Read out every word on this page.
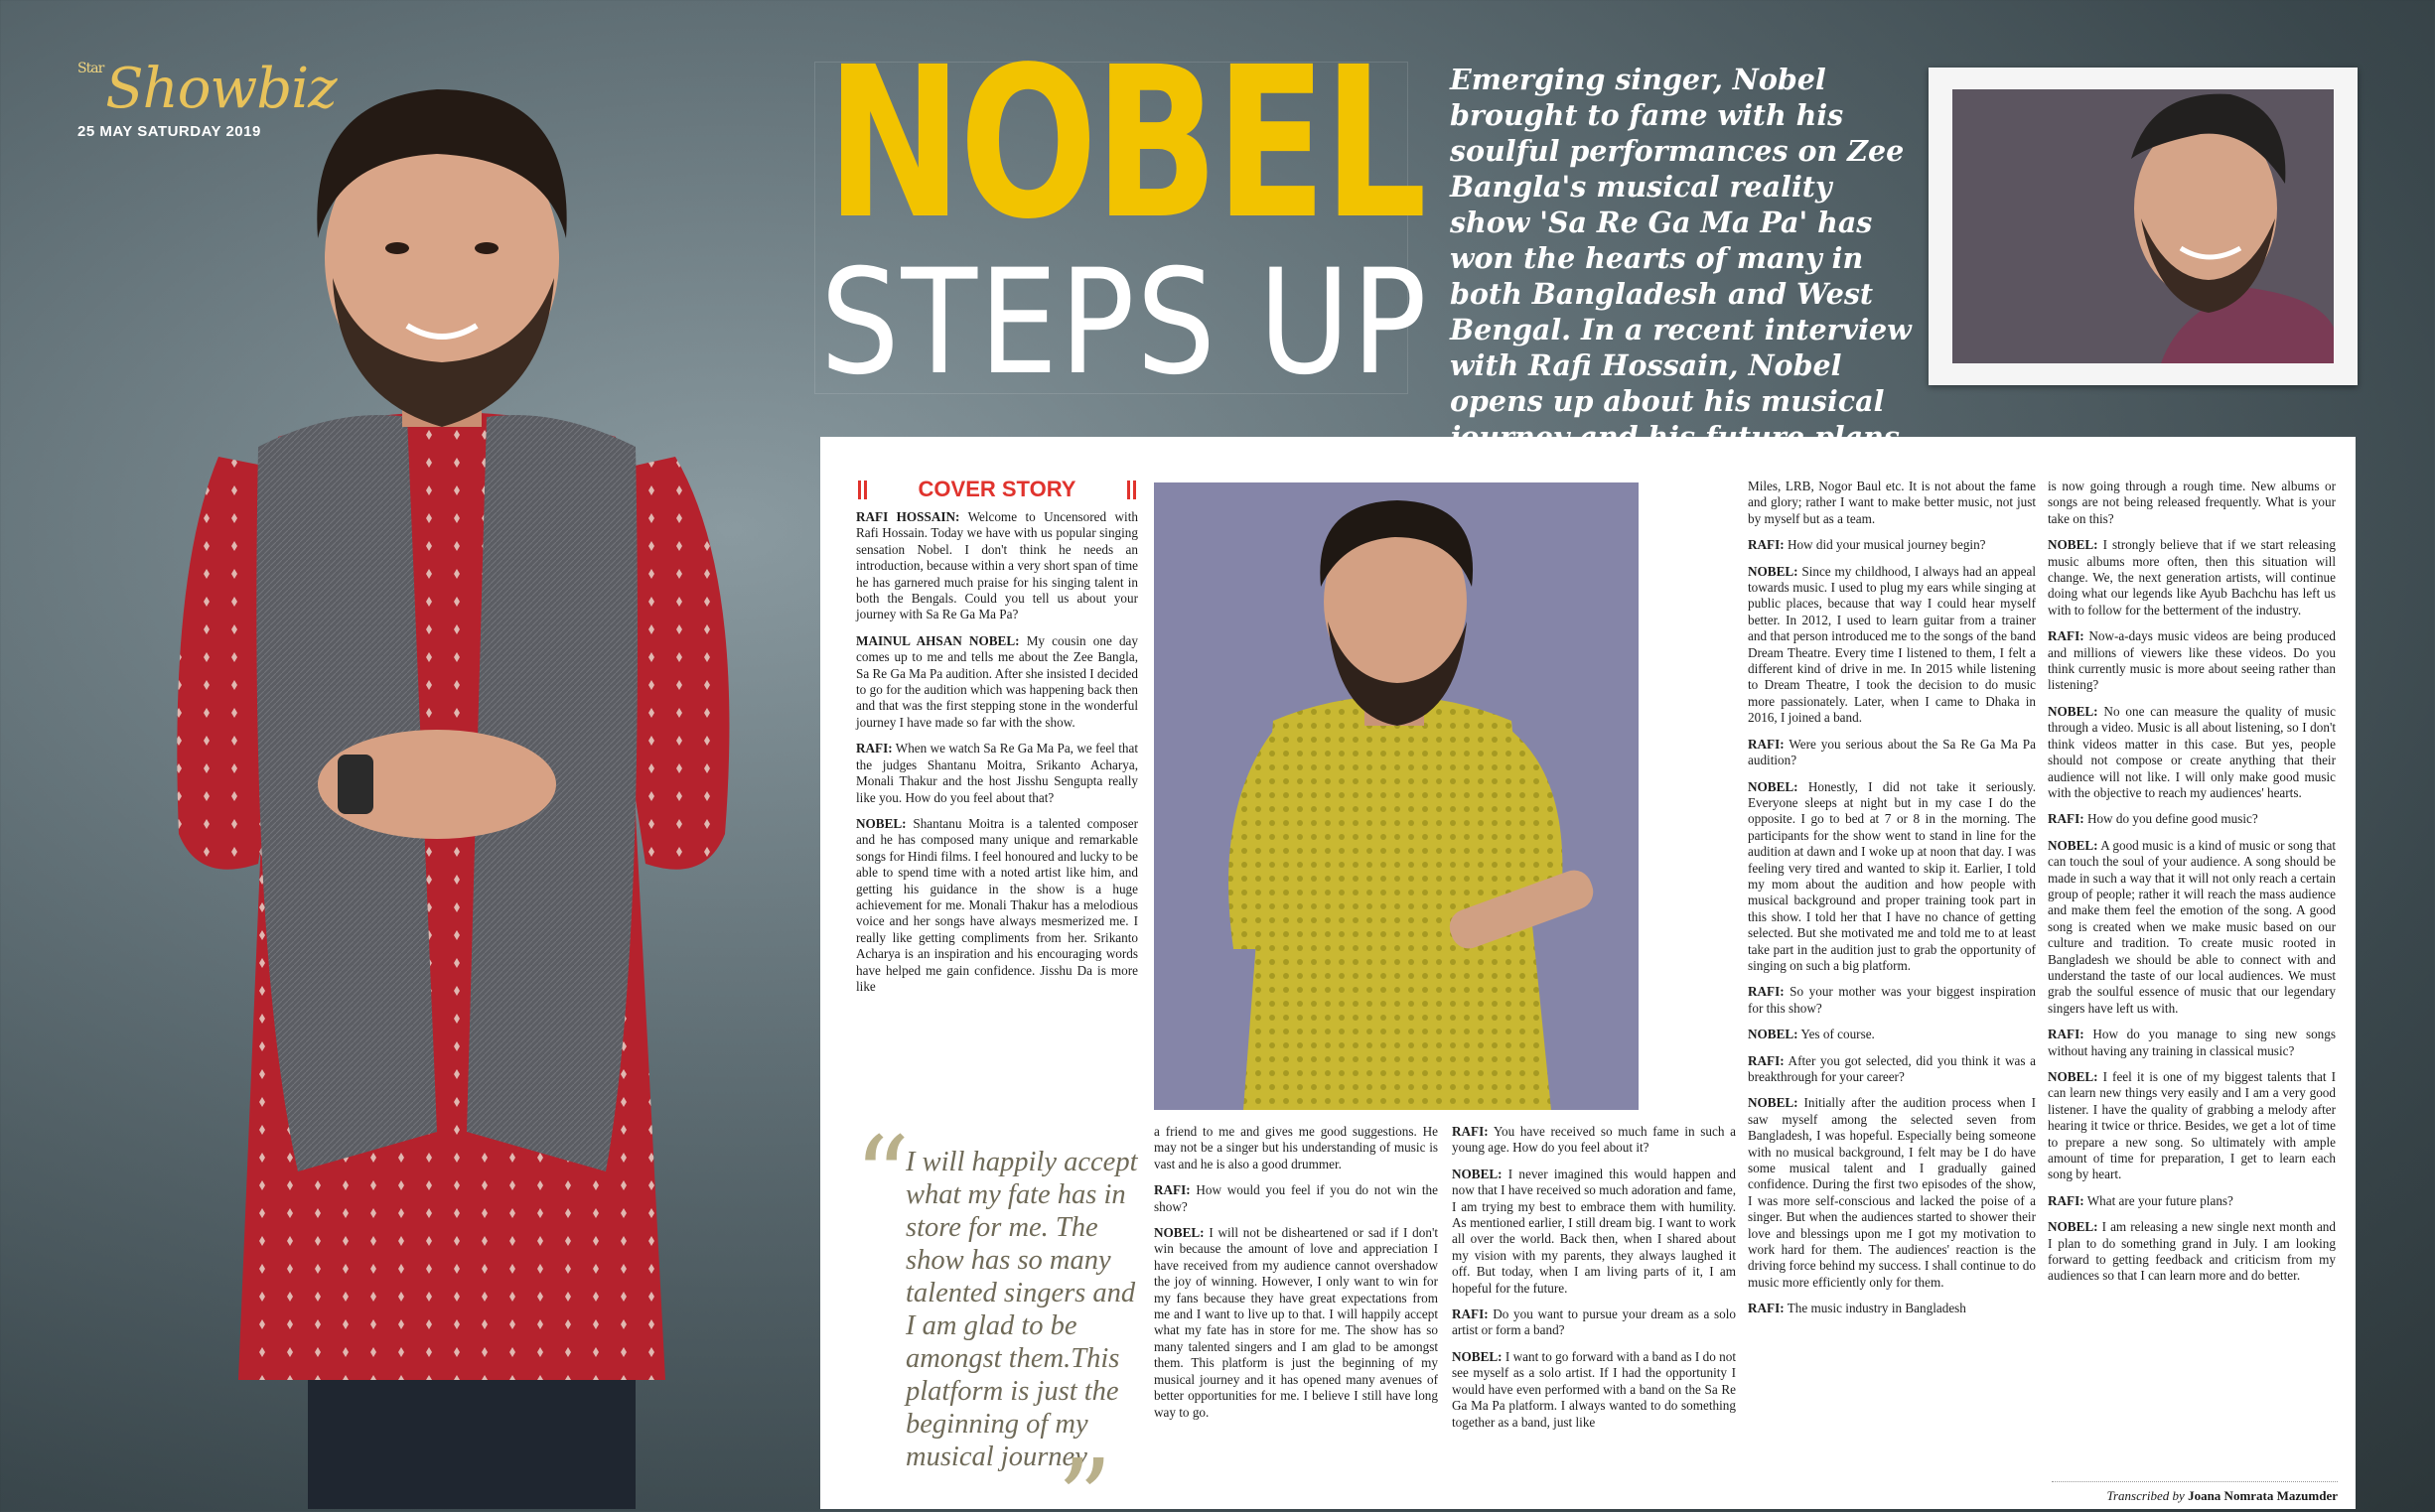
$^{Star}$Showbiz
25 MAY SATURDAY 2019	NOBEL
STEPS UP

Emerging singer, Nobel brought to fame with his soulful performances on Zee Bangla's musical reality show 'Sa Re Ga Ma Pa' has won the hearts of many in both Bangladesh and West Bengal. In a recent interview with Rafi Hossain, Nobel opens up about his musical

COVER STORY

RAFI HOSSAIN: Welcome to Uncensored with Rafi Hossain. Today we have with us popular singing sensation Nobel. I don't think he needs an introduction, because within a very short span of time he has garnered much praise for his singing talent in both the Bengals. Could you tell us about your journey with Sa Re Ga Ma Pa?

MAINUL AHSAN NOBEL: My cousin one day comes up to me and tells me about the Zee Bangla, Sa Re Ga Ma Pa audition. After she insisted I decided to go for the audition which was happening back then and that was the first stepping stone in the wonderful journey I have made so far with the show.

RAFI: When we watch Sa Re Ga Ma Pa, we feel that the judges Shantanu Moitra, Srikanto Acharya, Monali Thakur and the host Jisshu Sengupta really like you. How do you feel about that?

NOBEL: Shantanu Moitra is a talented composer and he has composed many unique and remarkable songs for Hindi films. I feel honoured and lucky to be able to spend time with a noted artist like him, and getting his guidance in the show is a huge achievement for me. Monali Thakur has a melodious voice and her songs have always mesmerized me. I really like getting compliments from her. Srikanto Acharya is an inspiration and his encouraging words have helped me gain confidence. Jisshu Da is more like

“
I will happily accept what my fate has in store for me. The show has so many talented singers and I am glad to be amongst them.This platform is just the beginning of my musical journey
”

a friend to me and gives me good suggestions. He may not be a singer but his understanding of music is vast and he is also a good drummer.

RAFI: How would you feel if you do not win the show?

NOBEL: I will not be disheartened or sad if I don't win because the amount of love and appreciation I have received from my audience cannot overshadow the joy of winning. However, I only want to win for my fans because they have great expectations from me and I want to live up to that. I will happily accept what my fate has in store for me. The show has so many talented singers and I am glad to be amongst them. This platform is just the beginning of my musical journey and it has opened many avenues of better opportunities for me. I believe I still have long way to go.

RAFI: You have received so much fame in such a young age. How do you feel about it?

NOBEL: I never imagined this would happen and now that I have received so much adoration and fame, I am trying my best to embrace them with humility. As mentioned earlier, I still dream big. I want to work all over the world. Back then, when I shared about my vision with my parents, they always laughed it off. But today, when I am living parts of it, I am hopeful for the future.

RAFI: Do you want to pursue your dream as a solo artist or form a band?

NOBEL: I want to go forward with a band as I do not see myself as a solo artist. If I had the opportunity I would have even performed with a band on the Sa Re Ga Ma Pa platform. I always wanted to do something together as a band, just like

Miles, LRB, Nogor Baul etc. It is not about the fame and glory; rather I want to make better music, not just by myself but as a team.

RAFI: How did your musical journey begin?

NOBEL: Since my childhood, I always had an appeal towards music. I used to plug my ears while singing at public places, because that way I could hear myself better. In 2012, I used to learn guitar from a trainer and that person introduced me to the songs of the band Dream Theatre. Every time I listened to them, I felt a different kind of drive in me. In 2015 while listening to Dream Theatre, I took the decision to do music more passionately. Later, when I came to Dhaka in 2016, I joined a band.

RAFI: Were you serious about the Sa Re Ga Ma Pa audition?

NOBEL: Honestly, I did not take it seriously. Everyone sleeps at night but in my case I do the opposite. I go to bed at 7 or 8 in the morning. The participants for the show went to stand in line for the audition at dawn and I woke up at noon that day. I was feeling very tired and wanted to skip it. Earlier, I told my mom about the audition and how people with musical background and proper training took part in this show. I told her that I have no chance of getting selected. But she motivated me and told me to at least take part in the audition just to grab the opportunity of singing on such a big platform.

RAFI: So your mother was your biggest inspiration for this show?

NOBEL: Yes of course.

RAFI: After you got selected, did you think it was a breakthrough for your career?

NOBEL: Initially after the audition process when I saw myself among the selected seven from Bangladesh, I was hopeful. Especially being someone with no musical background, I felt may be I do have some musical talent and I gradually gained confidence. During the first two episodes of the show, I was more self-conscious and lacked the poise of a singer. But when the audiences started to shower their love and blessings upon me I got my motivation to work hard for them. The audiences' reaction is the driving force behind my success. I shall continue to do music more efficiently only for them.

RAFI: The music industry in Bangladesh

is now going through a rough time. New albums or songs are not being released frequently. What is your take on this?

NOBEL: I strongly believe that if we start releasing music albums more often, then this situation will change. We, the next generation artists, will continue doing what our legends like Ayub Bachchu has left us with to follow for the betterment of the industry.

RAFI: Now-a-days music videos are being produced and millions of viewers like these videos. Do you think currently music is more about seeing rather than listening?

NOBEL: No one can measure the quality of music through a video. Music is all about listening, so I don't think videos matter in this case. But yes, people should not compose or create anything that their audience will not like. I will only make good music with the objective to reach my audiences' hearts.

RAFI: How do you define good music?

NOBEL: A good music is a kind of music or song that can touch the soul of your audience. A song should be made in such a way that it will not only reach a certain group of people; rather it will reach the mass audience and make them feel the emotion of the song. A good song is created when we make music based on our culture and tradition. To create music rooted in Bangladesh we should be able to connect with and understand the taste of our local audiences. We must grab the soulful essence of music that our legendary singers have left us with.

RAFI: How do you manage to sing new songs without having any training in classical music?

NOBEL: I feel it is one of my biggest talents that I can learn new things very easily and I am a very good listener. I have the quality of grabbing a melody after hearing it twice or thrice. Besides, we get a lot of time to prepare a new song. So ultimately with ample amount of time for preparation, I get to learn each song by heart.

RAFI: What are your future plans?

NOBEL: I am releasing a new single next month and I plan to do something grand in July. I am looking forward to getting feedback and criticism from my audiences so that I can learn more and do better.

Transcribed by Joana Nomrata Mazumder
